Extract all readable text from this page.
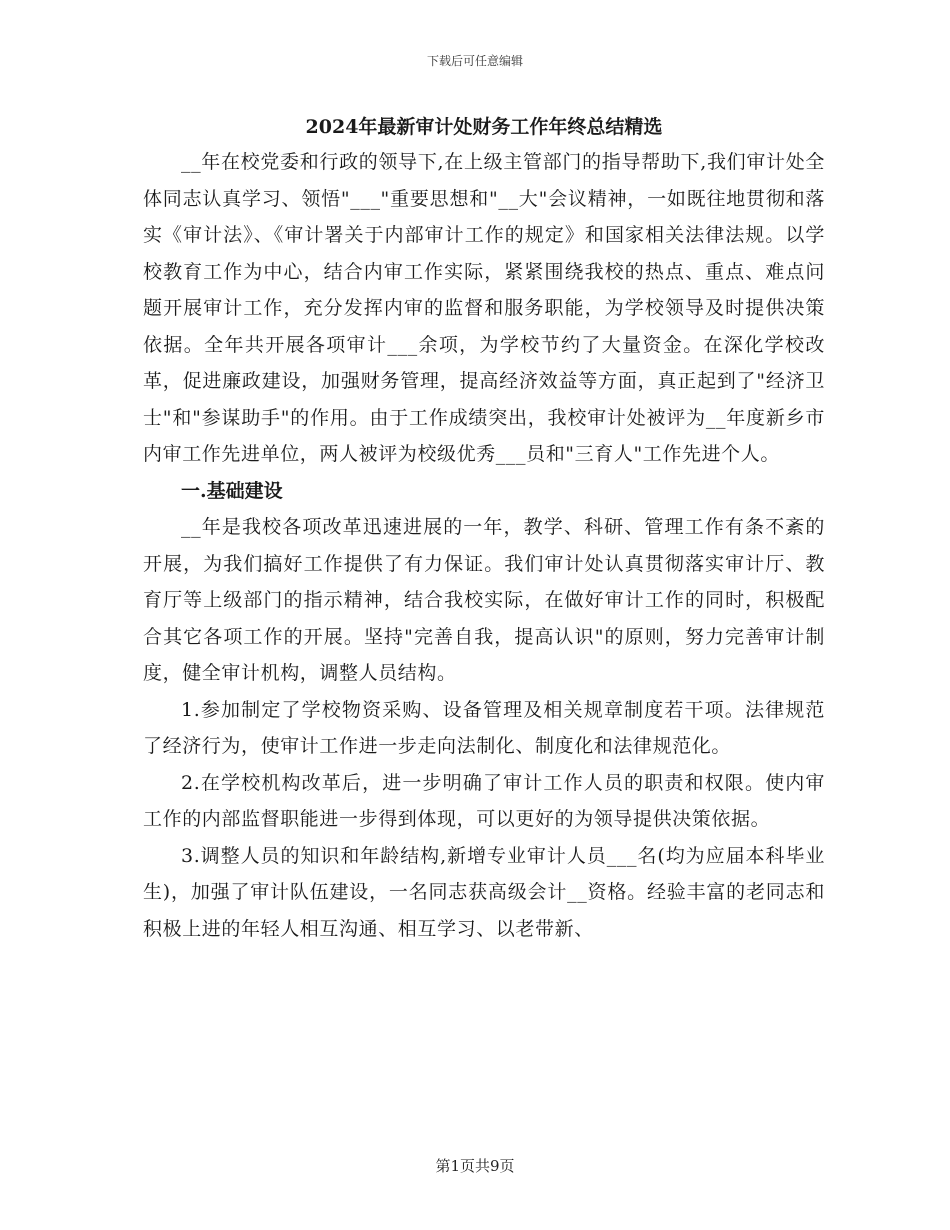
下载后可任意编辑
2024年最新审计处财务工作年终总结精选

__年在校党委和行政的领导下,在上级主管部门的指导帮助下,我们审计处全体同志认真学习、领悟"___"重要思想和"__大"会议精神，一如既往地贯彻和落实《审计法》、《审计署关于内部审计工作的规定》和国家相关法律法规。以学校教育工作为中心，结合内审工作实际，紧紧围绕我校的热点、重点、难点问题开展审计工作，充分发挥内审的监督和服务职能，为学校领导及时提供决策依据。全年共开展各项审计___余项，为学校节约了大量资金。在深化学校改革，促进廉政建设，加强财务管理，提高经济效益等方面，真正起到了"经济卫士"和"参谋助手"的作用。由于工作成绩突出，我校审计处被评为__年度新乡市内审工作先进单位，两人被评为校级优秀___员和"三育人"工作先进个人。

一.基础建设

__年是我校各项改革迅速进展的一年，教学、科研、管理工作有条不紊的开展，为我们搞好工作提供了有力保证。我们审计处认真贯彻落实审计厅、教育厅等上级部门的指示精神，结合我校实际，在做好审计工作的同时，积极配合其它各项工作的开展。坚持"完善自我，提高认识"的原则，努力完善审计制度，健全审计机构，调整人员结构。

1.参加制定了学校物资采购、设备管理及相关规章制度若干项。法律规范了经济行为，使审计工作进一步走向法制化、制度化和法律规范化。

2.在学校机构改革后，进一步明确了审计工作人员的职责和权限。使内审工作的内部监督职能进一步得到体现，可以更好的为领导提供决策依据。

3.调整人员的知识和年龄结构,新增专业审计人员___名(均为应届本科毕业生)，加强了审计队伍建设，一名同志获高级会计__资格。经验丰富的老同志和积极上进的年轻人相互沟通、相互学习、以老带新、

第1页共9页
